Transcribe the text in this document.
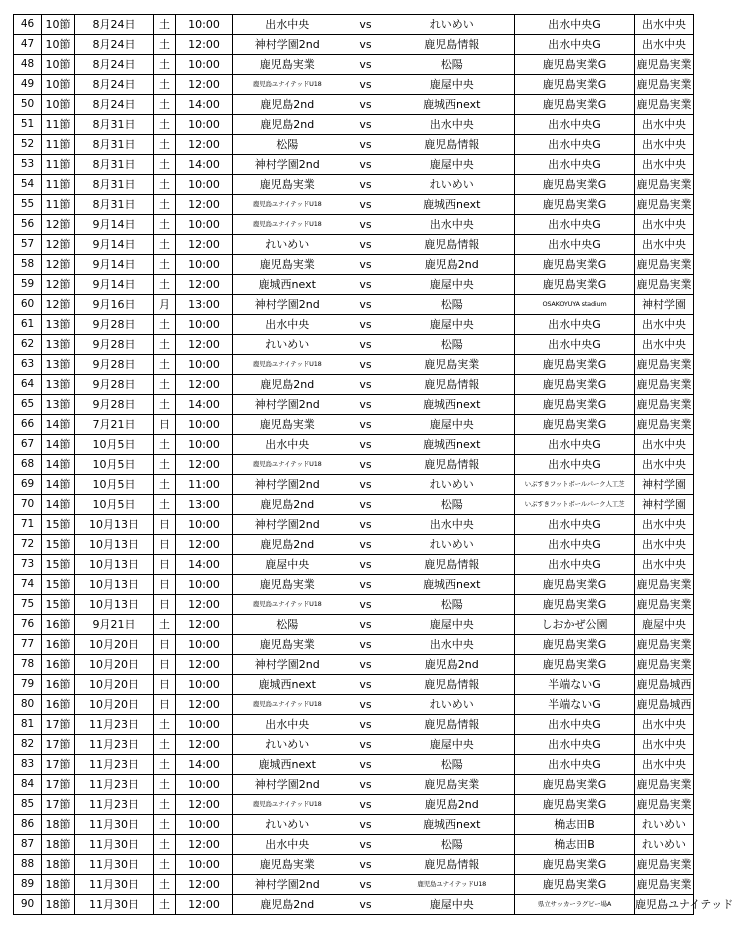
46	10節	8月24日	土	10:00	出水中央	vs	れいめい	出水中央G	出水中央
47	10節	8月24日	土	12:00	神村学園2nd	vs	鹿児島情報	出水中央G	出水中央
48	10節	8月24日	土	10:00	鹿児島実業	vs	松陽	鹿児島実業G	鹿児島実業
49	10節	8月24日	土	12:00	鹿児島ユナイテッドU18	vs	鹿屋中央	鹿児島実業G	鹿児島実業
50	10節	8月24日	土	14:00	鹿児島2nd	vs	鹿城西next	鹿児島実業G	鹿児島実業
51	11節	8月31日	土	10:00	鹿児島2nd	vs	出水中央	出水中央G	出水中央
52	11節	8月31日	土	12:00	松陽	vs	鹿児島情報	出水中央G	出水中央
53	11節	8月31日	土	14:00	神村学園2nd	vs	鹿屋中央	出水中央G	出水中央
54	11節	8月31日	土	10:00	鹿児島実業	vs	れいめい	鹿児島実業G	鹿児島実業
55	11節	8月31日	土	12:00	鹿児島ユナイテッドU18	vs	鹿城西next	鹿児島実業G	鹿児島実業
56	12節	9月14日	土	10:00	鹿児島ユナイテッドU18	vs	出水中央	出水中央G	出水中央
57	12節	9月14日	土	12:00	れいめい	vs	鹿児島情報	出水中央G	出水中央
58	12節	9月14日	土	10:00	鹿児島実業	vs	鹿児島2nd	鹿児島実業G	鹿児島実業
59	12節	9月14日	土	12:00	鹿城西next	vs	鹿屋中央	鹿児島実業G	鹿児島実業
60	12節	9月16日	月	13:00	神村学園2nd	vs	松陽	OSAKOYUYA stadium	神村学園
61	13節	9月28日	土	10:00	出水中央	vs	鹿屋中央	出水中央G	出水中央
62	13節	9月28日	土	12:00	れいめい	vs	松陽	出水中央G	出水中央
63	13節	9月28日	土	10:00	鹿児島ユナイテッドU18	vs	鹿児島実業	鹿児島実業G	鹿児島実業
64	13節	9月28日	土	12:00	鹿児島2nd	vs	鹿児島情報	鹿児島実業G	鹿児島実業
65	13節	9月28日	土	14:00	神村学園2nd	vs	鹿城西next	鹿児島実業G	鹿児島実業
66	14節	7月21日	日	10:00	鹿児島実業	vs	鹿屋中央	鹿児島実業G	鹿児島実業
67	14節	10月5日	土	10:00	出水中央	vs	鹿城西next	出水中央G	出水中央
68	14節	10月5日	土	12:00	鹿児島ユナイテッドU18	vs	鹿児島情報	出水中央G	出水中央
69	14節	10月5日	土	11:00	神村学園2nd	vs	れいめい	いぶすきフットボールパーク人工芝	神村学園
70	14節	10月5日	土	13:00	鹿児島2nd	vs	松陽	いぶすきフットボールパーク人工芝	神村学園
71	15節	10月13日	日	10:00	神村学園2nd	vs	出水中央	出水中央G	出水中央
72	15節	10月13日	日	12:00	鹿児島2nd	vs	れいめい	出水中央G	出水中央
73	15節	10月13日	日	14:00	鹿屋中央	vs	鹿児島情報	出水中央G	出水中央
74	15節	10月13日	日	10:00	鹿児島実業	vs	鹿城西next	鹿児島実業G	鹿児島実業
75	15節	10月13日	日	12:00	鹿児島ユナイテッドU18	vs	松陽	鹿児島実業G	鹿児島実業
76	16節	9月21日	土	12:00	松陽	vs	鹿屋中央	しおかぜ公園	鹿屋中央
77	16節	10月20日	日	10:00	鹿児島実業	vs	出水中央	鹿児島実業G	鹿児島実業
78	16節	10月20日	日	12:00	神村学園2nd	vs	鹿児島2nd	鹿児島実業G	鹿児島実業
79	16節	10月20日	日	10:00	鹿城西next	vs	鹿児島情報	半端ないG	鹿児島城西
80	16節	10月20日	日	12:00	鹿児島ユナイテッドU18	vs	れいめい	半端ないG	鹿児島城西
81	17節	11月23日	土	10:00	出水中央	vs	鹿児島情報	出水中央G	出水中央
82	17節	11月23日	土	12:00	れいめい	vs	鹿屋中央	出水中央G	出水中央
83	17節	11月23日	土	14:00	鹿城西next	vs	松陽	出水中央G	出水中央
84	17節	11月23日	土	10:00	神村学園2nd	vs	鹿児島実業	鹿児島実業G	鹿児島実業
85	17節	11月23日	土	12:00	鹿児島ユナイテッドU18	vs	鹿児島2nd	鹿児島実業G	鹿児島実業
86	18節	11月30日	土	10:00	れいめい	vs	鹿城西next	桷志田B	れいめい
87	18節	11月30日	土	12:00	出水中央	vs	松陽	桷志田B	れいめい
88	18節	11月30日	土	10:00	鹿児島実業	vs	鹿児島情報	鹿児島実業G	鹿児島実業
89	18節	11月30日	土	12:00	神村学園2nd	vs	鹿児島ユナイテッドU18	鹿児島実業G	鹿児島実業
90	18節	11月30日	土	12:00	鹿児島2nd	vs	鹿屋中央	県立サッカーラグビー場A	鹿児島ユナイテッド
